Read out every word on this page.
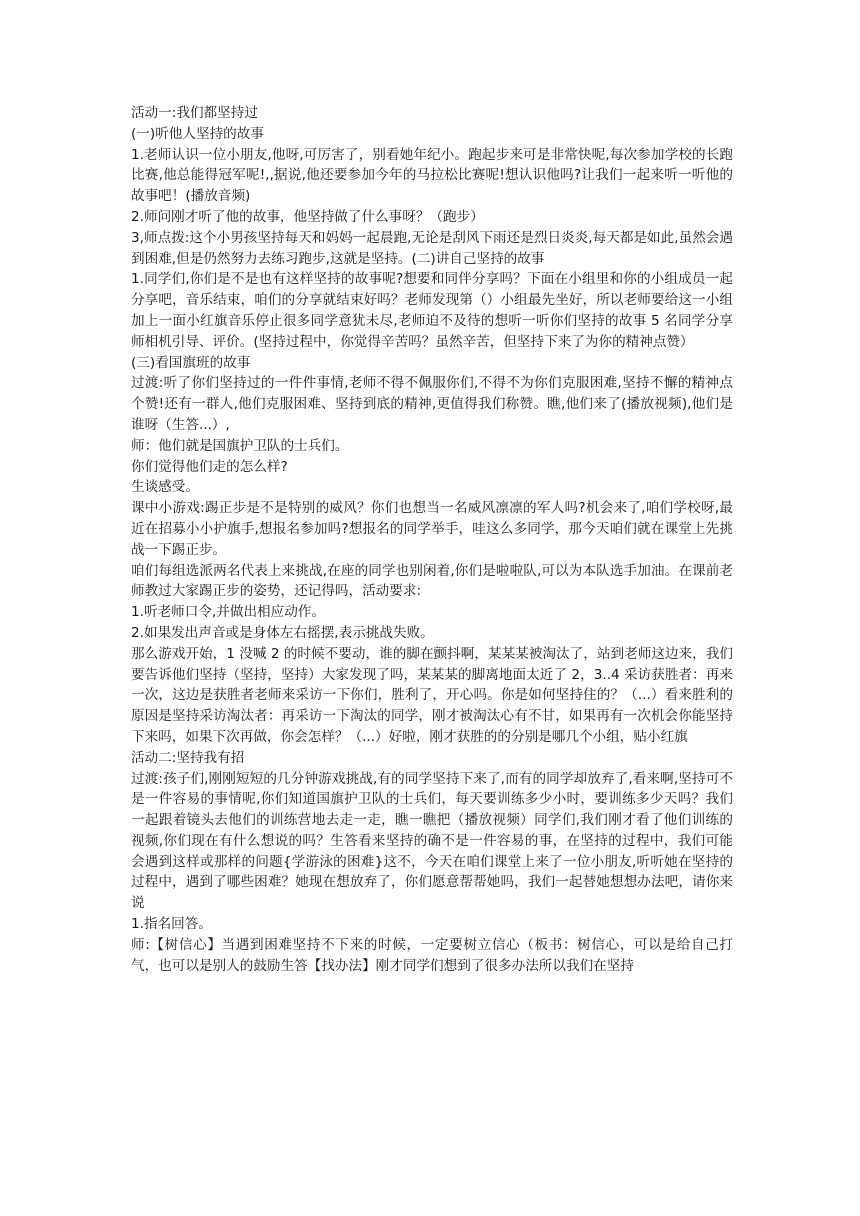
活动一:我们都坚持过

(一)听他人坚持的故事

1.老师认识一位小朋友,他呀,可厉害了，别看她年纪小。跑起步来可是非常快呢,每次参加学校的长跑比赛,他总能得冠军呢!,,据说,他还要参加今年的马拉松比赛呢!想认识他吗?让我们一起来听一听他的故事吧！(播放音频)

2.师问刚才听了他的故事，他坚持做了什么事呀？（跑步）

3,师点拨:这个小男孩坚持每天和妈妈一起晨跑,无论是刮风下雨还是烈日炎炎,每天都是如此,虽然会遇到困难,但是仍然努力去练习跑步,这就是坚持。(二)讲自己坚持的故事

1.同学们,你们是不是也有这样坚持的故事呢?想要和同伴分享吗？下面在小组里和你的小组成员一起分享吧，音乐结束，咱们的分享就结束好吗？老师发现第（）小组最先坐好，所以老师要给这一小组加上一面小红旗音乐停止很多同学意犹未尽,老师迫不及待的想听一听你们坚持的故事 5 名同学分享师相机引导、评价。(坚持过程中，你觉得辛苦吗？虽然辛苦，但坚持下来了为你的精神点赞）

(三)看国旗班的故事

过渡:听了你们坚持过的一件件事情,老师不得不佩服你们,不得不为你们克服困难,坚持不懈的精神点个赞!还有一群人,他们克服困难、坚持到底的精神,更值得我们称赞。瞧,他们来了(播放视频),他们是谁呀（生答...）,

师：他们就是国旗护卫队的士兵们。

你们觉得他们走的怎么样?

生谈感受。

课中小游戏:踢正步是不是特别的威风？你们也想当一名威风凛凛的军人吗?机会来了,咱们学校呀,最近在招募小小护旗手,想报名参加吗?想报名的同学举手，哇这么多同学，那今天咱们就在课堂上先挑战一下踢正步。

咱们每组选派两名代表上来挑战,在座的同学也别闲着,你们是啦啦队,可以为本队选手加油。在课前老师教过大家踢正步的姿势，还记得吗，活动要求:

1.听老师口令,并做出相应动作。

2.如果发出声音或是身体左右摇摆,表示挑战失败。

那么游戏开始，1 没喊 2 的时候不要动，谁的脚在颤抖啊，某某某被淘汰了，站到老师这边来，我们要告诉他们坚持（坚持，坚持）大家发现了吗，某某某的脚离地面太近了 2，3..4 采访获胜者：再来一次，这边是获胜者老师来采访一下你们，胜利了，开心吗。你是如何坚持住的？（...）看来胜利的原因是坚持采访淘汰者：再采访一下淘汰的同学，刚才被淘汰心有不甘，如果再有一次机会你能坚持下来吗，如果下次再做，你会怎样？（...）好啦，刚才获胜的的分别是哪几个小组，贴小红旗

活动二:坚持我有招

过渡:孩子们,刚刚短短的几分钟游戏挑战,有的同学坚持下来了,而有的同学却放弃了,看来啊,坚持可不是一件容易的事情呢,你们知道国旗护卫队的士兵们，每天要训练多少小时，要训练多少天吗？我们一起跟着镜头去他们的训练营地去走一走，瞧一瞧把（播放视频）同学们,我们刚才看了他们训练的视频,你们现在有什么想说的吗？生答看来坚持的确不是一件容易的事，在坚持的过程中，我们可能会遇到这样或那样的问题{学游泳的困难}这不，今天在咱们课堂上来了一位小朋友,听听她在坚持的过程中，遇到了哪些困难？她现在想放弃了，你们愿意帮帮她吗，我们一起替她想想办法吧，请你来说

1.指名回答。

师:【树信心】当遇到困难坚持不下来的时候，一定要树立信心（板书：树信心，可以是给自己打气，也可以是别人的鼓励生答【找办法】刚才同学们想到了很多办法所以我们在坚持
